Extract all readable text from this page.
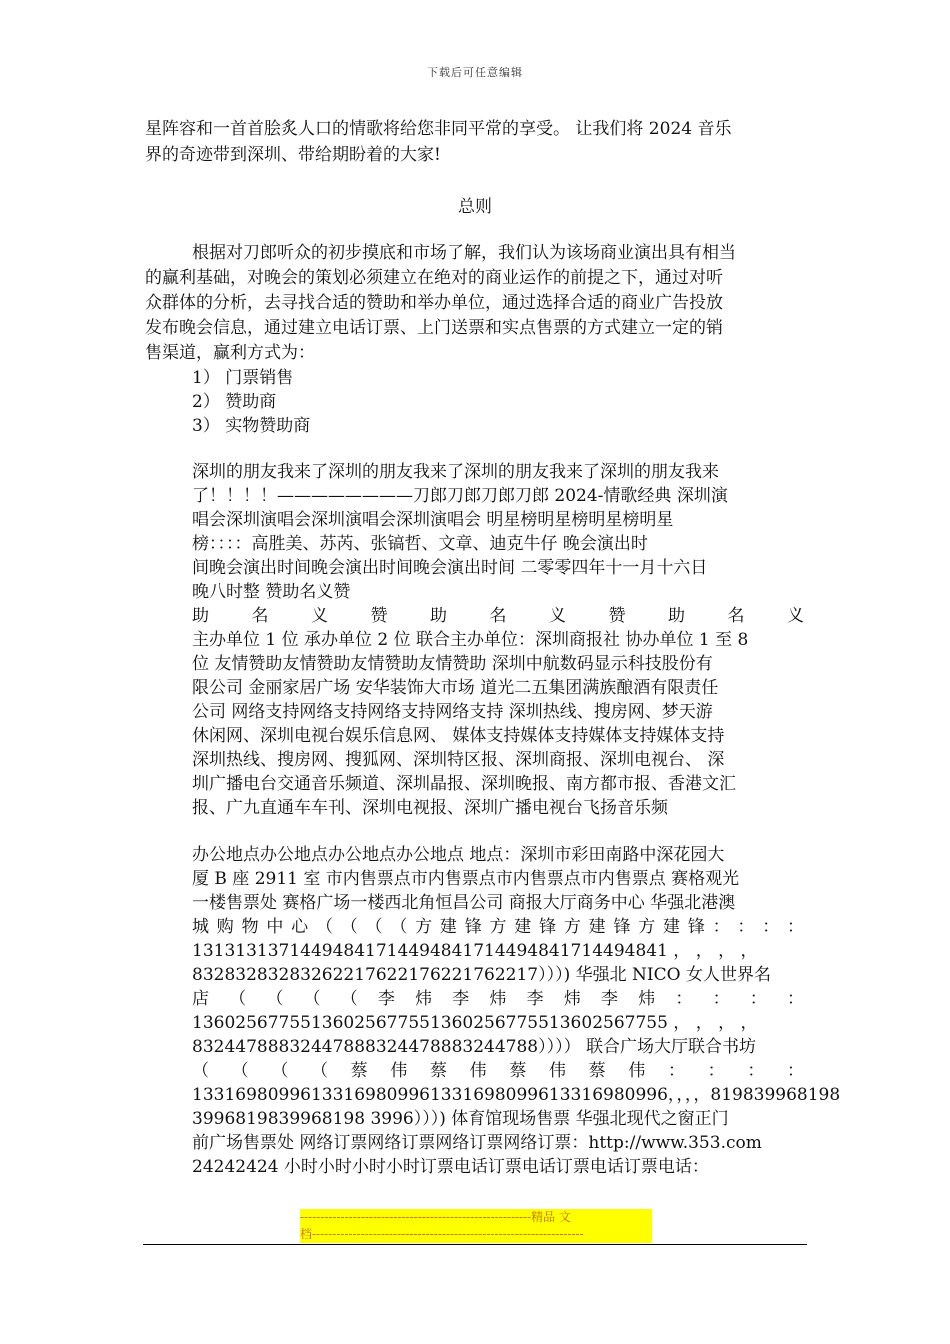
下载后可任意编辑
星阵容和一首首脍炙人口的情歌将给您非同平常的享受。 让我们将 2024 音乐
界的奇迹带到深圳、带给期盼着的大家!
总则
根据对刀郎听众的初步摸底和市场了解，我们认为该场商业演出具有相当
的赢利基础，对晚会的策划必须建立在绝对的商业运作的前提之下，通过对听
众群体的分析，去寻找合适的赞助和举办单位，通过选择合适的商业广告投放
发布晚会信息，通过建立电话订票、上门送票和实点售票的方式建立一定的销
售渠道，赢利方式为：
1） 门票销售
2） 赞助商
3） 实物赞助商
深圳的朋友我来了深圳的朋友我来了深圳的朋友我来了深圳的朋友我来
了！！！！————————刀郎刀郎刀郎刀郎 2024-情歌经典 深圳演
唱会深圳演唱会深圳演唱会深圳演唱会 明星榜明星榜明星榜明星
榜：：：：高胜美、苏芮、张镐哲、文章、迪克牛仔 晚会演出时
间晚会演出时间晚会演出时间晚会演出时间 二零零四年十一月十六日
晚八时整 赞助名义赞
助 名 义 赞 助 名 义 赞 助 名 义
主办单位 1 位 承办单位 2 位 联合主办单位：深圳商报社 协办单位 1 至 8
位 友情赞助友情赞助友情赞助友情赞助 深圳中航数码显示科技股份有
限公司 金丽家居广场 安华装饰大市场 道光二五集团满族酿酒有限责任
公司 网络支持网络支持网络支持网络支持 深圳热线、搜房网、梦天游
休闲网、深圳电视台娱乐信息网、 媒体支持媒体支持媒体支持媒体支持
深圳热线、搜房网、搜狐网、深圳特区报、深圳商报、深圳电视台、 深
圳广播电台交通音乐频道、深圳晶报、深圳晚报、南方都市报、香港文汇
报、广九直通车车刊、深圳电视报、深圳广播电视台飞扬音乐频
办公地点办公地点办公地点办公地点 地点：深圳市彩田南路中深花园大
厦 B 座 2911 室 市内售票点市内售票点市内售票点市内售票点 赛格观光
一楼售票处 赛格广场一楼西北角恒昌公司 商报大厅商务中心 华强北港澳
城 购 物 中 心 （ （ （ （ 方 建 锋 方 建 锋 方 建 锋 方 建 锋 ： ： ： ：
13131313714494841714494841714494841714494841 ， ， ， ，
83283283283262217622176221762217）））) 华强北 NICO 女人世界名
店 （ （ （ （ 李 炜 李 炜 李 炜 李 炜 ： ： ： ：
13602567755136025677551360256775513602567755 ， ， ， ，
83244788832447888324478883244788）））） 联合广场大厅联合书坊
（ （ （ （ 蔡 伟 蔡 伟 蔡 伟 蔡 伟 ： ： ： ：
13316980996133169809961331698099613316980996，，，，819839968198
3996819839968198 3996）））) 体育馆现场售票 华强北现代之窗正门
前广场售票处 网络订票网络订票网络订票网络订票：http://www.353.com
24242424 小时小时小时小时订票电话订票电话订票电话订票电话：
---------------------------------------------------------精品 文
档-------------------------------------------------------------------
